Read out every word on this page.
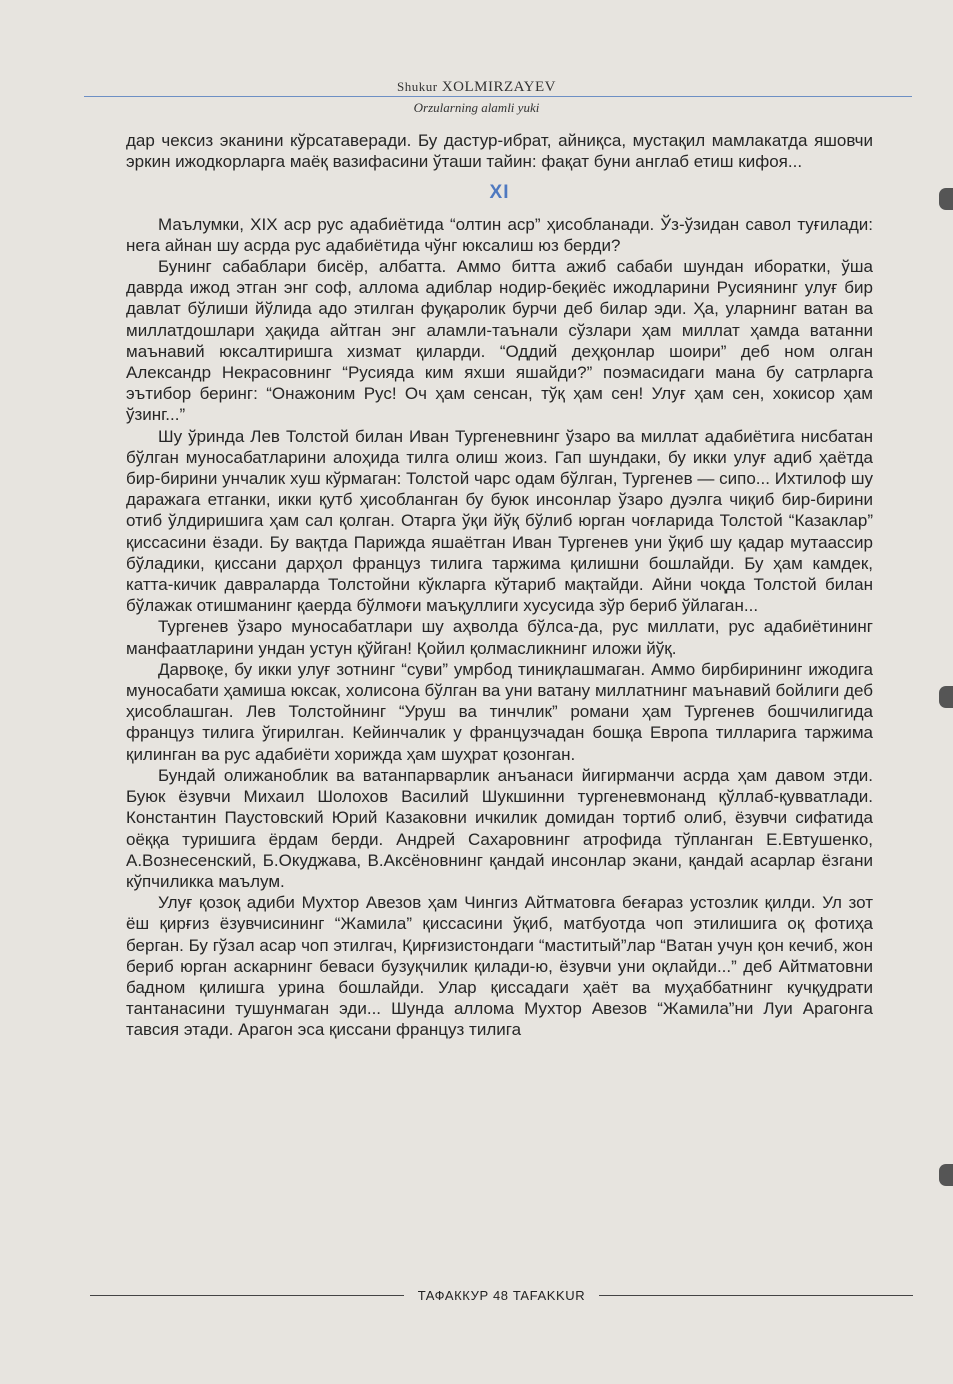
Shukur XOLMIRZAYEV
Orzularning alamli yuki

дар чексиз эканини кўрсатаверади. Бу дастур-ибрат, айниқса, мустақил мамлакатда яшовчи эркин ижодкорларга маёқ вазифасини ўташи тайин: фақат буни англаб етиш кифоя...

XI

Маълумки, XIX аср рус адабиётида “олтин аср” ҳисобланади. Ўз-ўзидан савол туғилади: нега айнан шу асрда рус адабиётида чўнг юксалиш юз берди?

Бунинг сабаблари бисёр, албатта. Аммо битта ажиб сабаби шундан иборатки, ўша даврда ижод этган энг соф, аллома адиблар нодир-беқиёс ижодларини Русиянинг улуғ бир давлат бўлиши йўлида адо этилган фуқаролик бурчи деб билар эди. Ҳа, уларнинг ватан ва миллатдошлари ҳақида айтган энг аламли-таънали сўзлари ҳам миллат ҳамда ватанни маънавий юксалтиришга хизмат қиларди. “Оддий деҳқонлар шоири” деб ном олган Александр Некрасовнинг “Русияда ким яхши яшайди?” поэмасидаги мана бу сатрларга эътибор беринг: “Онажоним Рус! Оч ҳам сенсан, тўқ ҳам сен! Улуғ ҳам сен, хокисор ҳам ўзинг...”

Шу ўринда Лев Толстой билан Иван Тургеневнинг ўзаро ва миллат адабиётига нисбатан бўлган муносабатларини алоҳида тилга олиш жоиз. Гап шундаки, бу икки улуғ адиб ҳаётда бир-бирини унчалик хуш кўрмаган: Толстой чарс одам бўлган, Тургенев — сипо... Ихтилоф шу даражага етганки, икки қутб ҳисобланган бу буюк инсонлар ўзаро дуэлга чиқиб бир-бирини отиб ўлдиришига ҳам сал қолган. Отарга ўқи йўқ бўлиб юрган чоғларида Толстой “Казаклар” қиссасини ёзади. Бу вақтда Парижда яшаётган Иван Тургенев уни ўқиб шу қадар мутаассир бўладики, қиссани дарҳол француз тилига таржима қилишни бошлайди. Бу ҳам камдек, катта-кичик давраларда Толстойни кўкларга кўтариб мақтайди. Айни чоқда Толстой билан бўлажак отишманинг қаерда бўлмоғи маъқуллиги хусусида зўр бериб ўйлаган...

Тургенев ўзаро муносабатлари шу аҳволда бўлса-да, рус миллати, рус адабиётининг манфаатларини ундан устун қўйган! Қойил қолмасликнинг иложи йўқ.

Дарвоқе, бу икки улуғ зотнинг “суви” умрбод тиниқлашмаган. Аммо бирбирининг ижодига муносабати ҳамиша юксак, холисона бўлган ва уни ватану миллатнинг маънавий бойлиги деб ҳисоблашган. Лев Толстойнинг “Уруш ва тинчлик” романи ҳам Тургенев бошчилигида француз тилига ўгирилган. Кейинчалик у французчадан бошқа Европа тилларига таржима қилинган ва рус адабиёти хорижда ҳам шуҳрат қозонган.

Бундай олижаноблик ва ватанпарварлик анъанаси йигирманчи асрда ҳам давом этди. Буюк ёзувчи Михаил Шолохов Василий Шукшинни тургеневмонанд қўллаб-қувватлади. Константин Паустовский Юрий Казаковни ичкилик домидан тортиб олиб, ёзувчи сифатида оёққа туришига ёрдам берди. Андрей Сахаровнинг атрофида тўпланган Е.Евтушенко, А.Вознесенский, Б.Окуджава, В.Аксёновнинг қандай инсонлар экани, қандай асарлар ёзгани кўпчиликка маълум.

Улуғ қозоқ адиби Мухтор Авезов ҳам Чингиз Айтматовга беғараз устозлик қилди. Ул зот ёш қирғиз ёзувчисининг “Жамила” қиссасини ўқиб, матбуотда чоп этилишига оқ фотиҳа берган. Бу гўзал асар чоп этилгач, Қирғизистондаги “маститый”лар “Ватан учун қон кечиб, жон бериб юрган аскарнинг беваси бузуқчилик қилади-ю, ёзувчи уни оқлайди...” деб Айтматовни бадном қилишга урина бошлайди. Улар қиссадаги ҳаёт ва муҳаббатнинг кучқудрати тантанасини тушунмаган эди... Шунда аллома Мухтор Авезов “Жамила”ни Луи Арагонга тавсия этади. Арагон эса қиссани француз тилига

ТАФАККУР 48 TAFAKKUR
